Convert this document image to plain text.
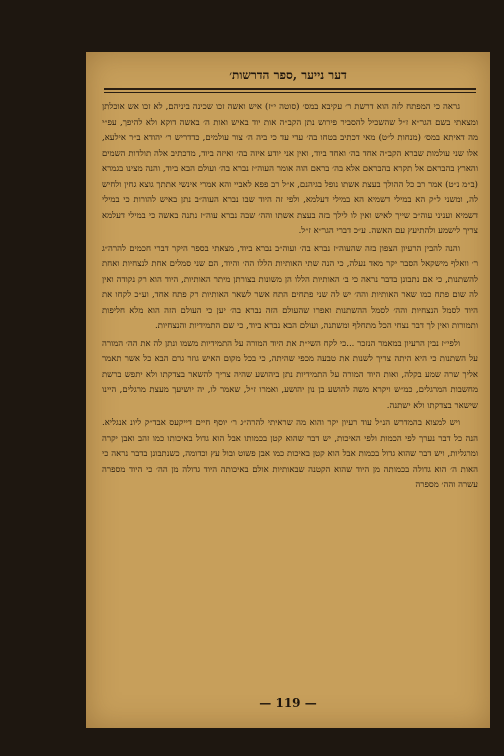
דער נייער ,ספר הדרשות׳

גראה כי המפתח לזה הוא דרשת ר׳ עקיבא במס׳ (סוטה י״ז) איש ואשה זכו שכינה ביניהם, לא זכו אש אוכלתן ומצאתי בשם הגר״א ז״ל שהשכיל להסביר פירוש נתן הקב״ה אות יוד באיש ואות ה׳ באשה דוקא ולא להיפך, עפ״י מה דאיתא במס׳ (מנחות ל״ט) מאי דכתיב בטחו בה׳ עדי עד כי ביה ה׳ צור עולמים, כדדריש ר׳ יהודא ב״ר אילעא, אלו שני עולמות שברא הקב״ה אחד בה׳ ואחד ביוד, ואין אני יודע איזה בה׳ ואיזה ביוד, מדכתיב אלה תולדות השמים והארץ בהבראם אל תקרא בהבראם אלא בה׳ בראם הוה אומר העוה״ז נברא בה׳ ועולם הבא ביוד, והנה מצינו בגמרא (ב״מ נ״ט) אמר רב כל ההולך בעצת אשתו נופל בגיהנם, א״ל רב פפא לאביי והא אמרי אינשי אתתך גוצא גחין ולחיש לה, ומשני ל״ק הא במילי דשמיא הא במילי דעלמא, ולפי זה היוד שבו נברא העוה״ב נתן באיש להורות כי במילי דשמיא ועניני עוה״ב שייך לאיש ואין לו לילך בזה בעצת אשתו והה׳ שבה נברא עוה״ז נתנה באשה כי במילי דעלמא צריך לישמע ולהתיעץ עם האשה. ע״כ דברי הגר״א ז״ל.

והנה להבין הרעיון הצפון בזה שהעוה״ז נברא בה׳ ועוה״ב נברא ביוד, מצאתי בספר היקר דברי חכמים להרה״ג ר׳ וואלף מישקאל הסבר יקר מאד נעלה, כי הנה שתי האותיות הללו הה׳ והיוד, הם שני סמלים אחת לנצחיות ואחת להשתנות, כי אם נתבונן בדבר נראה כי ב׳ האותיות הללו הן משונות בצורתן מיתר האותיות, היוד הוא רק נקודה ואין לה שום פתח כמו שאר האותיות והה׳ יש לה שני פתחים התח אשר לשאר האותיות רק פתח אחד, וע״כ לקחו את היוד לסמל הנצחיות והה׳ לסמל ההשתנות ואפרו שהעולם הזה נברא בה׳ יען כי העולם הזה הוא מלא חליפות ותמורות ואין לך דבר נצחי הכל מתחלף ומשתנה, ועולם הבא נברא ביוד, כי שם התמידיות והנצחיות.

ולפי״ז נבין הרעיון במאמר הנזכר ...כי לקח השי״ת את היוד המורה על התמידיות משמו ונתן לה את הה׳ המורה על השתנות כי היא היתה צריך לשנות את טבעה מכפי שהיתה, כי בכל מקום האיש גוזר גרם הבא כל אשר תאמר אליך שרה שמע בקלה, ואות היוד המורה על התמידיות נתן ביהושע שהיה צריך להשאר בצדקתו ולא יתפש ברשת מחשבות המרגלים, כמ״ש ויקרא משה להושע בן נון יהושע, ואמרו ז״ל, שאמר לו, יה יושיעך מעצת מרגלים, היינו שישאר בצדקתו ולא ישתנה.

ויש למצוא בהמדרש הנ״ל עוד רעיון יקר והוא מה שראיתי להרה״ג ר׳ יוסף חיים דייקעס אבד״ק ליונ אנגליא. הנה כל דבר נערך לפי הכמות ולפי האיכות, יש דבר שהוא קטן בכמותו אבל הוא גדול באיכותו כמו זהב ואבן יקרה ומרגליות, ויש דבר שהוא גדול בכמות אבל הוא קטן באיכות כמו אבן פשוט ובול עץ וכדומה, כשנתבונן בדבר נראה כי האות ה׳ הוא גדולה בכמותה מן היוד שהוא הקטנה שבאותיות אולם באיכותה היוד גדולה מן הה׳ כי היוד מספרה עשרה והה׳ מספרה

— 119 —
